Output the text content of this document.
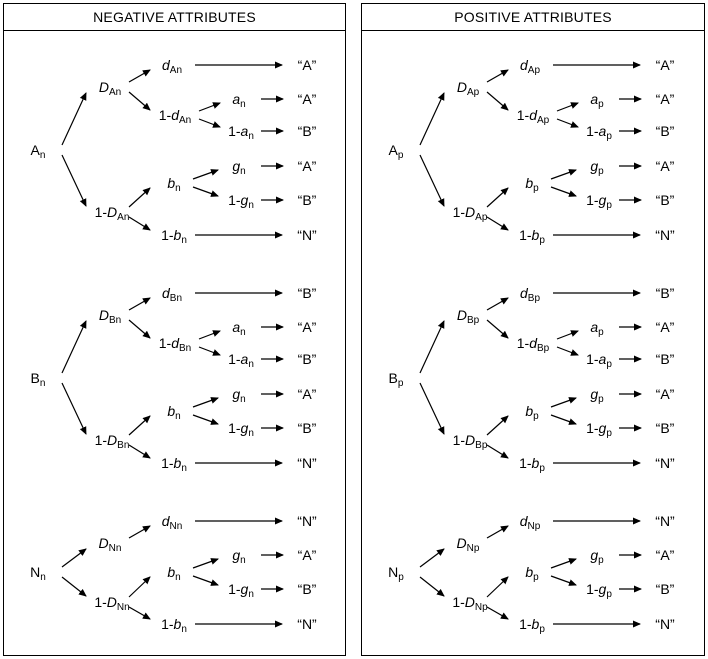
NEGATIVE ATTRIBUTES	POSITIVE ATTRIBUTES
$A_n$
$D_{An}$
$1-D_{An}$
$d_{An}$	“A”
$1-d_{An}$
$a_n$
$1-a_n$
“A”
“B”
$b_n$
$g_n$
$1-g_n$
“A”
“B”
$1-b_n$	“N”
$B_n$
$D_{Bn}$
$1-D_{Bn}$
$d_{Bn}$	“B”
$1-d_{Bn}$
$a_n$
$1-a_n$
“A”
“B”
$b_n$
$g_n$
$1-g_n$
“A”
“B”
$1-b_n$	“N”
$N_n$
$D_{Nn}$
$1-D_{Nn}$
$d_{Nn}$	“N”
$b_n$
$g_n$
$1-g_n$
“A”
“B”
$1-b_n$	“N”
$A_p$
$D_{Ap}$
$1-D_{Ap}$
$d_{Ap}$	“A”
$1-d_{Ap}$
$a_p$
$1-a_p$
“A”
“B”
$b_p$
$g_p$
$1-g_p$
“A”
“B”
$1-b_p$	“N”
$B_p$
$D_{Bp}$
$1-D_{Bp}$
$d_{Bp}$	“B”
$1-d_{Bp}$
$a_p$
$1-a_p$
“A”
“B”
$b_p$
$g_p$
$1-g_p$
“A”
“B”
$1-b_p$	“N”
$N_p$
$D_{Np}$
$1-D_{Np}$
$d_{Np}$	“N”
$b_p$
$g_p$
$1-g_p$
“A”
“B”
$1-b_p$	“N”
